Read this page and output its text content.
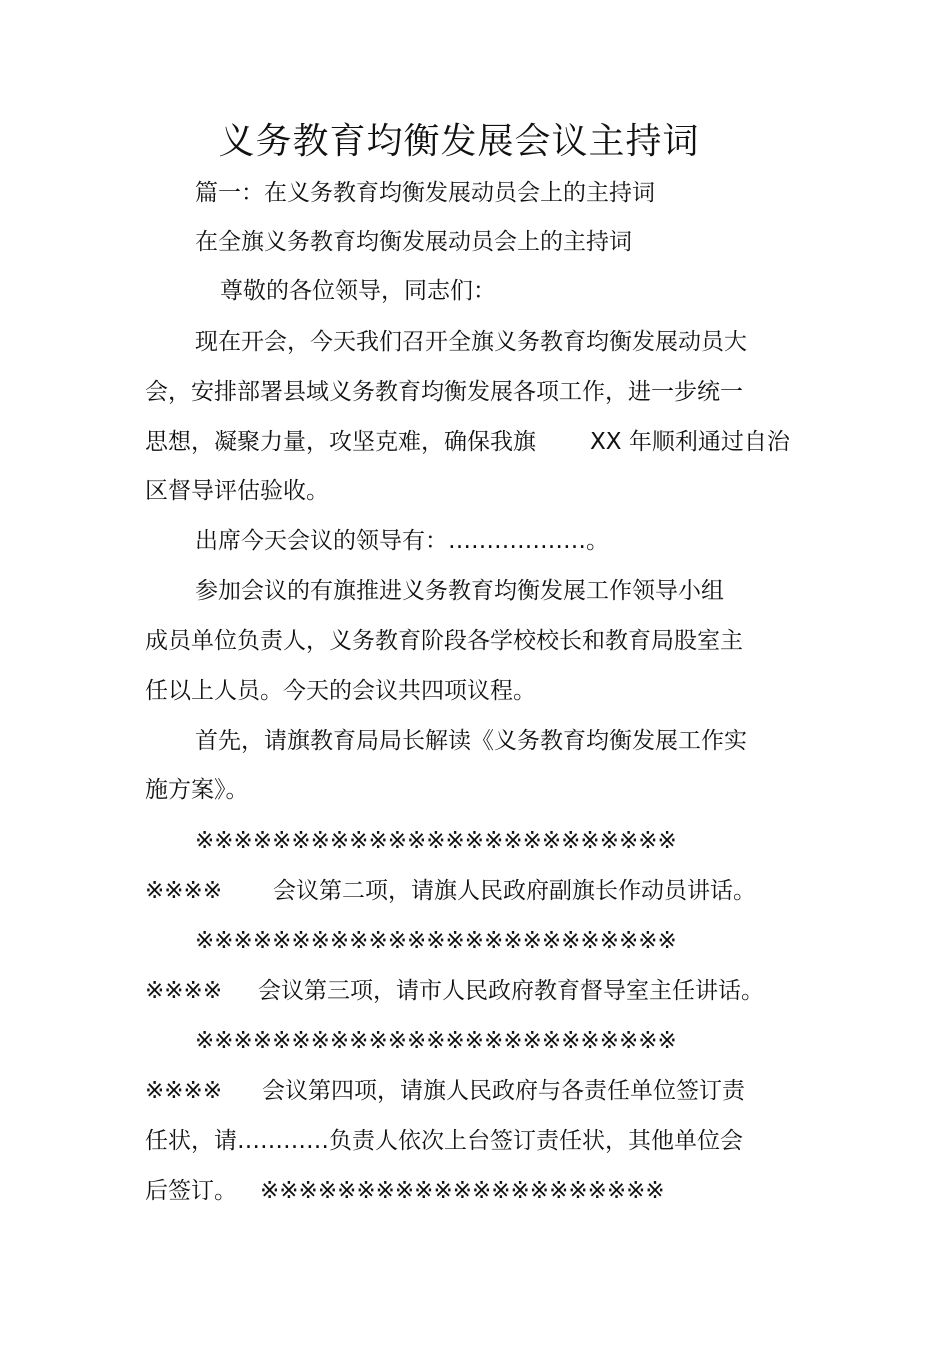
义务教育均衡发展会议主持词

篇一：在义务教育均衡发展动员会上的主持词

在全旗义务教育均衡发展动员会上的主持词

尊敬的各位领导，同志们：

现在开会，今天我们召开全旗义务教育均衡发展动员大

会，安排部署县域义务教育均衡发展各项工作，进一步统一

思想，凝聚力量，攻坚克难，确保我旗 XX 年顺利通过自治

区督导评估验收。

出席今天会议的领导有：………………。

参加会议的有旗推进义务教育均衡发展工作领导小组

成员单位负责人，义务教育阶段各学校校长和教育局股室主

任以上人员。今天的会议共四项议程。

首先，请旗教育局局长解读《义务教育均衡发展工作实

施方案》。

※※※※※※※※※※※※※※※※※※※※※※※※※

※※※※ 会议第二项，请旗人民政府副旗长作动员讲话。

※※※※※※※※※※※※※※※※※※※※※※※※※

※※※※ 会议第三项，请市人民政府教育督导室主任讲话。

※※※※※※※※※※※※※※※※※※※※※※※※※

※※※※ 会议第四项，请旗人民政府与各责任单位签订责

任状，请…………负责人依次上台签订责任状，其他单位会

后签订。 ※※※※※※※※※※※※※※※※※※※※※
